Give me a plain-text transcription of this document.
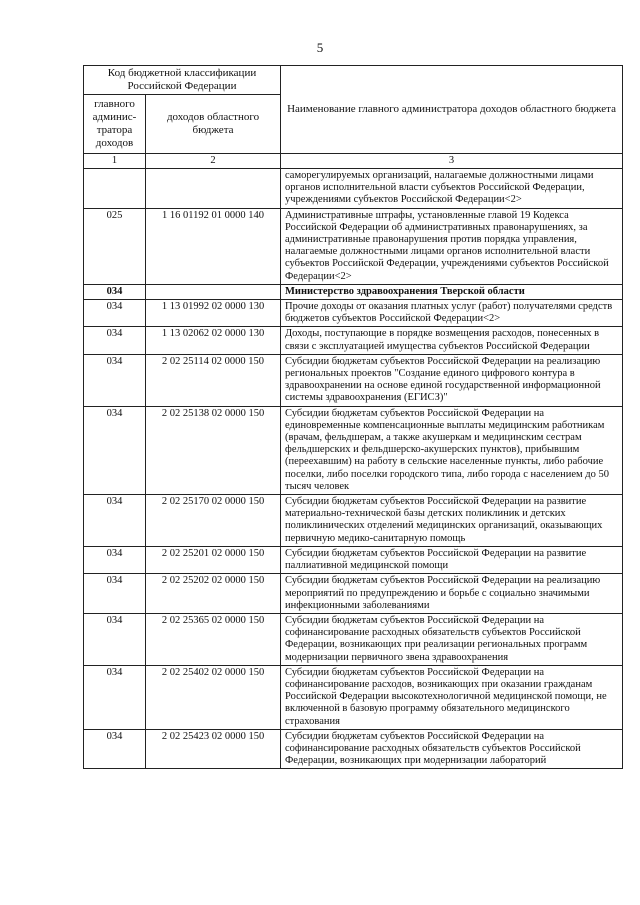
5
Код бюджетной классификации Российской Федерации		Наименование главного администратора доходов областного бюджета
главного админис-тратора доходов	доходов областного бюджета	
1	2	3
		саморегулируемых организаций, налагаемые должностными лицами органов исполнительной власти субъектов Российской Федерации, учреждениями субъектов Российской Федерации<2>
025	1 16 01192 01 0000 140	Административные штрафы, установленные главой 19 Кодекса Российской Федерации об административных правонарушениях, за административные правонарушения против порядка управления, налагаемые должностными лицами органов исполнительной власти субъектов Российской Федерации, учреждениями субъектов Российской Федерации<2>
034		Министерство здравоохранения Тверской области
034	1 13 01992 02 0000 130	Прочие доходы от оказания платных услуг (работ) получателями средств бюджетов субъектов Российской Федерации<2>
034	1 13 02062 02 0000 130	Доходы, поступающие в порядке возмещения расходов, понесенных в связи с эксплуатацией имущества субъектов Российской Федерации
034	2 02 25114 02 0000 150	Субсидии бюджетам субъектов Российской Федерации на реализацию региональных проектов "Создание единого цифрового контура в здравоохранении на основе единой государственной информационной системы здравоохранения (ЕГИСЗ)"
034	2 02 25138 02 0000 150	Субсидии бюджетам субъектов Российской Федерации на единовременные компенсационные выплаты медицинским работникам (врачам, фельдшерам, а также акушеркам и медицинским сестрам фельдшерских и фельдшерско-акушерских пунктов), прибывшим (переехавшим) на работу в сельские населенные пункты, либо рабочие поселки, либо поселки городского типа, либо города с населением до 50 тысяч человек
034	2 02 25170 02 0000 150	Субсидии бюджетам субъектов Российской Федерации на развитие материально-технической базы детских поликлиник и детских поликлинических отделений медицинских организаций, оказывающих первичную медико-санитарную помощь
034	2 02 25201 02 0000 150	Субсидии бюджетам субъектов Российской Федерации на развитие паллиативной медицинской помощи
034	2 02 25202 02 0000 150	Субсидии бюджетам субъектов Российской Федерации на реализацию мероприятий по предупреждению и борьбе с социально значимыми инфекционными заболеваниями
034	2 02 25365 02 0000 150	Субсидии бюджетам субъектов Российской Федерации на софинансирование расходных обязательств субъектов Российской Федерации, возникающих при реализации региональных программ модернизации первичного звена здравоохранения
034	2 02 25402 02 0000 150	Субсидии бюджетам субъектов Российской Федерации на софинансирование расходов, возникающих при оказании гражданам Российской Федерации высокотехнологичной медицинской помощи, не включенной в базовую программу обязательного медицинского страхования
034	2 02 25423 02 0000 150	Субсидии бюджетам субъектов Российской Федерации на софинансирование расходных обязательств субъектов Российской Федерации, возникающих при модернизации лабораторий
